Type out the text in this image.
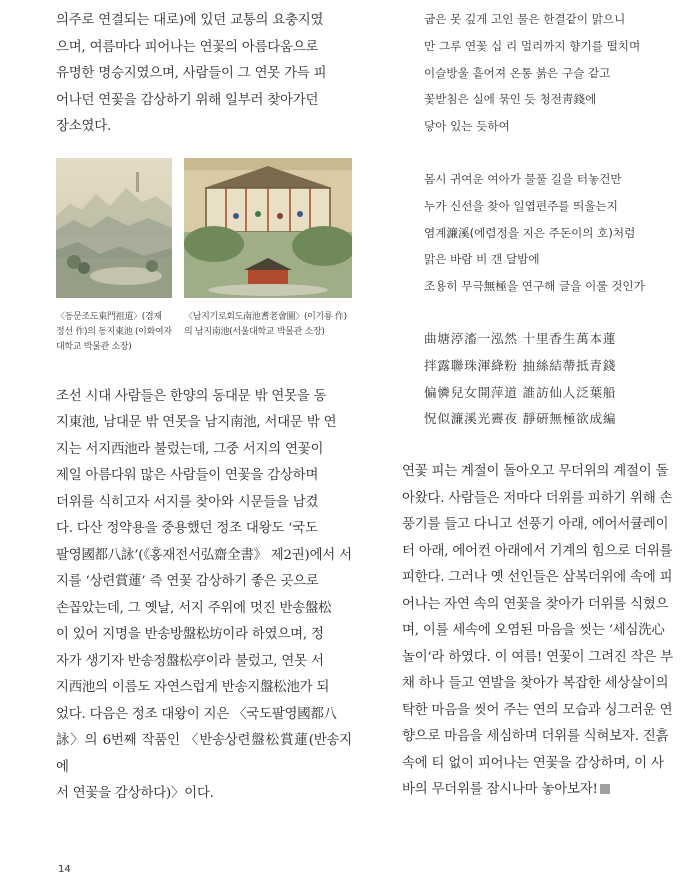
의주로 연결되는 대로)에 있던 교통의 요충지였

으며, 여름마다 피어나는 연꽃의 아름다움으로

유명한 명승지였으며, 사람들이 그 연못 가득 피

어나던 연꽃을 감상하기 위해 일부러 찾아가던

장소였다.

〈동문조도東門祖道〉(겸재 정선 作)의 동지東池 (이화여자대학교 박물관 소장)
〈남지기로회도南池耆老會圖〉(이기룡 作)의 남지南池(서울대학교 박물관 소장)

조선 시대 사람들은 한양의 동대문 밖 연못을 동

지東池, 남대문 밖 연못을 남지南池, 서대문 밖 연

지는 서지西池라 불렀는데, 그중 서지의 연꽃이

제일 아름다워 많은 사람들이 연꽃을 감상하며

더위를 식히고자 서지를 찾아와 시문들을 남겼

다. 다산 정약용을 중용했던 정조 대왕도 ‘국도

팔영國都八詠’(《홍재전서弘齋全書》 제2권)에서 서

지를 ‘상련賞蓮’ 즉 연꽃 감상하기 좋은 곳으로

손꼽았는데, 그 옛날, 서지 주위에 멋진 반송盤松

이 있어 지명을 반송방盤松坊이라 하였으며, 정

자가 생기자 반송정盤松亭이라 불렀고, 연못 서

지西池의 이름도 자연스럽게 반송지盤松池가 되

었다. 다음은 정조 대왕이 지은 〈국도팔영國都八

詠〉의 6번째 작품인 〈반송상련盤松賞蓮(반송지에

서 연꽃을 감상하다)〉이다.

굽은 못 깊게 고인 물은 한결같이 맑으니

만 그루 연꽃 십 리 멀리까지 향기를 떨치며

이슬방울 흩어져 온통 붉은 구슬 같고

꽃받침은 실에 묶인 듯 청전靑錢에

닿아 있는 듯하여

몸시 귀여운 여아가 물풀 길을 터놓건만

누가 신선을 찾아 일엽편주를 띄울는지

염계濂溪(에렴정을 지은 주돈이의 호)처럼

맑은 바람 비 갠 달밤에

조용히 무극無極을 연구해 글을 이룰 것인가

曲塘渟滀一泓然 十里香生萬本蓮

拌露聯珠渾絳粉 抽絲結蔕抵青錢

偏憐兒女開萍道 誰訪仙人泛葉船

怳似濂溪光霽夜 靜硏無極欲成編

연꽃 피는 계절이 돌아오고 무더위의 계절이 돌

아왔다. 사람들은 저마다 더위를 피하기 위해 손

풍기를 들고 다니고 선풍기 아래, 에어서큘레이

터 아래, 에어컨 아래에서 기계의 힘으로 더위를

피한다. 그러나 옛 선인들은 삼복더위에 속에 피

어나는 자연 속의 연꽃을 찾아가 더위를 식혔으

며, 이를 세속에 오염된 마음을 씻는 ‘세심洗心

놀이’라 하였다. 이 여름! 연꽃이 그려진 작은 부

채 하나 들고 연발을 찾아가 복잡한 세상살이의

탁한 마음을 씻어 주는 연의 모습과 싱그러운 연

향으로 마음을 세심하며 더위를 식혀보자. 진흙

속에 티 없이 피어나는 연꽃을 감상하며, 이 사

바의 무더위를 잠시나마 놓아보자!

14
